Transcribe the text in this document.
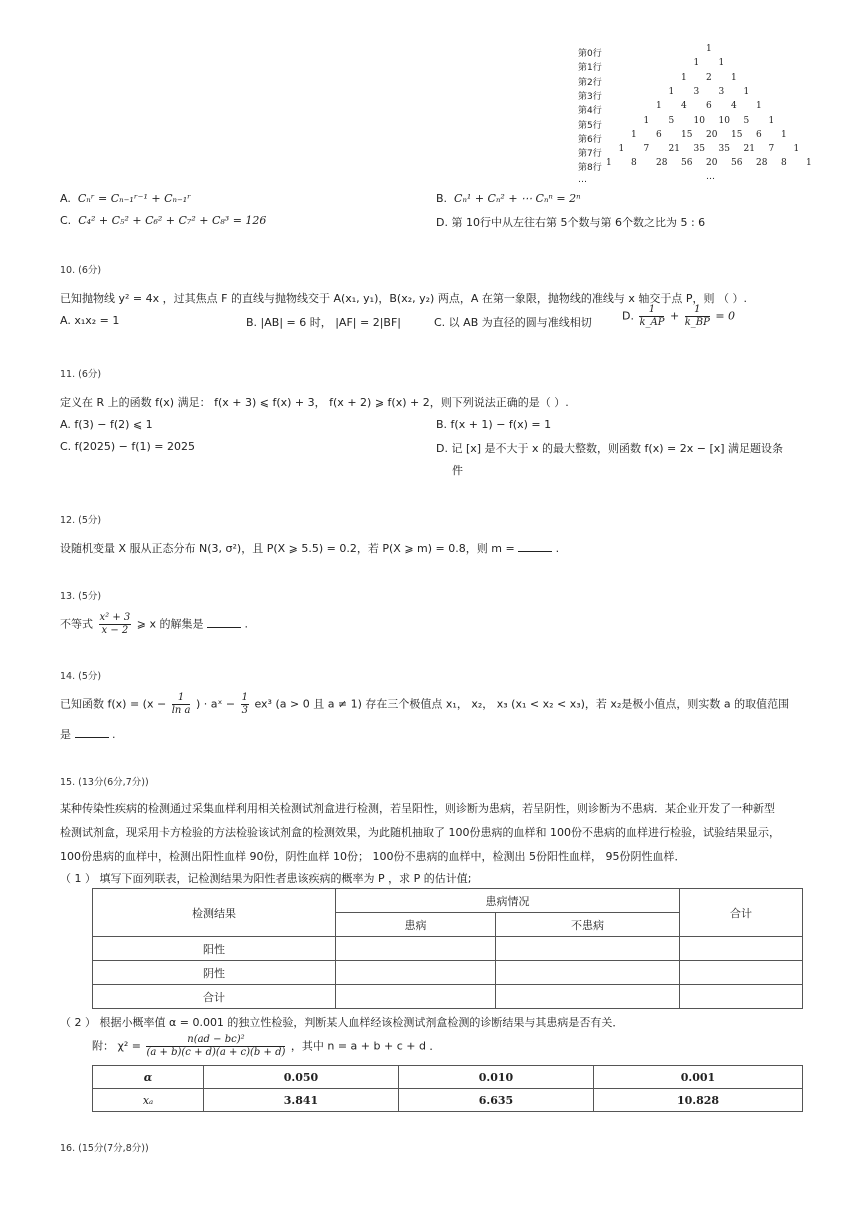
第0行
第1行
第2行
第3行
第4行
第5行
第6行
第7行
第8行
…
1
1 1
1 2 1
1 3 3 1
1 4 6 4 1
1 5 10 10 5 1
1 6 15 20 15 6 1
1 7 21 35 35 21 7 1
1 8 28 56 20 56 28 8 1
…
A. Cₙʳ = Cₙ₋₁ʳ⁻¹ + Cₙ₋₁ʳ	B. Cₙ¹ + Cₙ² + ⋯ Cₙⁿ = 2ⁿ
C. C₄² + C₅² + C₆² + C₇² + C₈³ = 126	D. 第 10行中从左往右第 5个数与第 6个数之比为 5 : 6
10. (6分)
已知抛物线 y² = 4x ，过其焦点 F 的直线与抛物线交于 A(x₁, y₁)，B(x₂, y₂) 两点，A 在第一象限，抛物线的准线与 x 轴交于点 P，则 （ ）.
A. x₁x₂ = 1	B. |AB| = 6 时， |AF| = 2|BF|	C. 以 AB 为直径的圆与准线相切	D. $\frac{1}{k\_AP} + \frac{1}{k\_BP} = 0$
11. (6分)
定义在 R 上的函数 f(x) 满足： f(x + 3) ⩽ f(x) + 3， f(x + 2) ⩾ f(x) + 2，则下列说法正确的是（ ）.
A. f(3) − f(2) ⩽ 1	B. f(x + 1) − f(x) = 1
C. f(2025) − f(1) = 2025	D. 记 [x] 是不大于 x 的最大整数，则函数 f(x) = 2x − [x] 满足题设条
件
12. (5分)
设随机变量 X 服从正态分布 N(3, σ²)，且 P(X ⩾ 5.5) = 0.2，若 P(X ⩾ m) = 0.8，则 m =	.
13. (5分)
不等式 $\frac{\text{x² + 3}}{x - 2}$ ⩾ x 的解集是	.
14. (5分)
已知函数 $f(x) = (x - \frac{1}{\text{ln a}}$ ) · aˣ − $\frac{1}{3} ex^3$ (a > 0 且 a ≠ 1) 存在三个极值点 x₁， x₂， x₃ (x₁ < x₂ < x₃)，若 x₂是极小值点，则实数 a 的取值范围
是	.
15. (13分(6分,7分))
某种传染性疾病的检测通过采集血样利用相关检测试剂盒进行检测，若呈阳性，则诊断为患病，若呈阴性，则诊断为不患病．某企业开发了一种新型
检测试剂盒，现采用卡方检验的方法检验该试剂盒的检测效果，为此随机抽取了 100份患病的血样和 100份不患病的血样进行检验，试验结果显示，
100份患病的血样中，检测出阳性血样 90份，阴性血样 10份； 100份不患病的血样中，检测出 5份阳性血样， 95份阴性血样．
（ 1 ） 填写下面列联表，记检测结果为阳性者患该疾病的概率为 P ，求 P 的估计值;
检测结果	患病情况		合计
	患病	不患病	
阳性			
阴性			
合计			
（ 2 ） 根据小概率值 α = 0.001 的独立性检验，判断某人血样经该检测试剂盒检测的诊断结果与其患病是否有关．
附： $\chi^2 = \frac{\text{n(ad − bc)²}}{(a + b)(c + d)(a + c)(b + d)}$ ，其中 n = a + b + c + d ．
α	0.050	0.010	0.001
xₐ	3.841	6.635	10.828
16. (15分(7分,8分))
